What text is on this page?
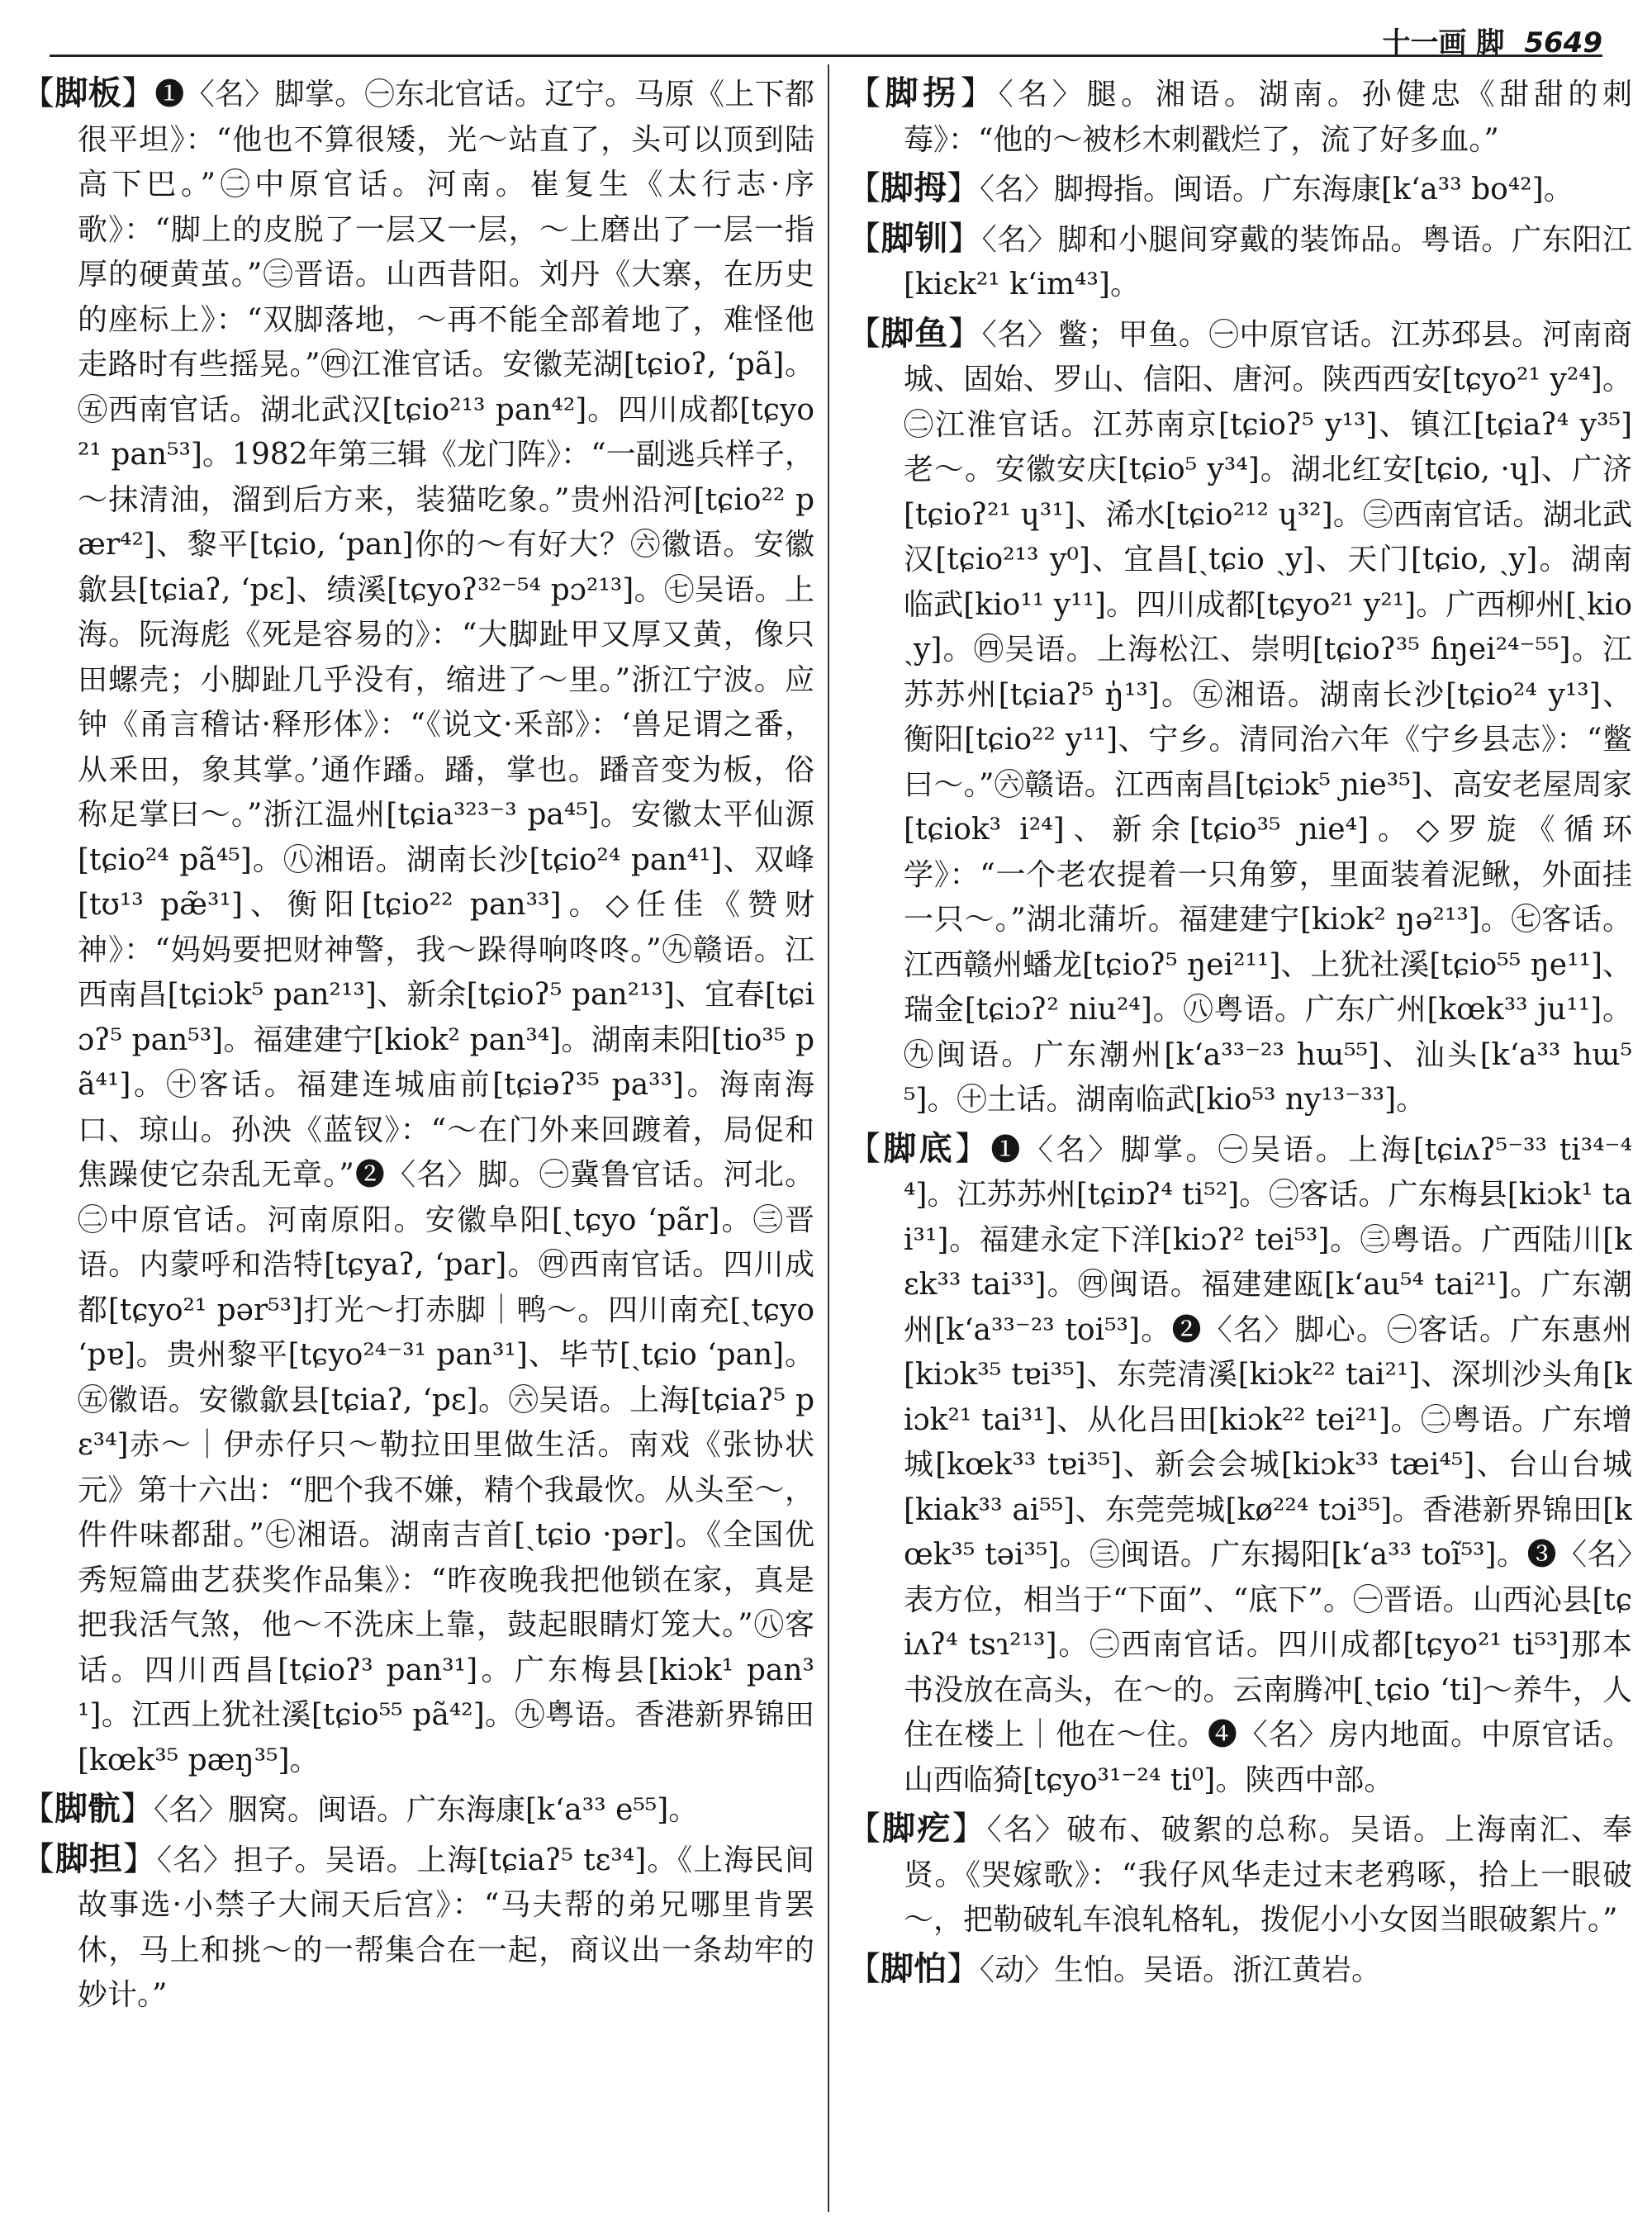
十一画 脚 5649

【脚板】❶〈名〉脚掌。㊀东北官话。辽宁。马原《上下都很平坦》：“他也不算很矮，光～站直了，头可以顶到陆高下巴。”㊁中原官话。河南。崔复生《太行志·序歌》：“脚上的皮脱了一层又一层，～上磨出了一层一指厚的硬黄茧。”㊂晋语。山西昔阳。刘丹《大寨，在历史的座标上》：“双脚落地，～再不能全部着地了，难怪他走路时有些摇晃。”㊃江淮官话。安徽芜湖[tɕioʔ, ʻpã]。㊄西南官话。湖北武汉[tɕio²¹³ pan⁴²]。四川成都[tɕyo²¹ pan⁵³]。1982年第三辑《龙门阵》：“一副逃兵样子，～抹清油，溜到后方来，装猫吃象。”贵州沿河[tɕio²² pær⁴²]、黎平[tɕio, ʻpan]你的～有好大？㊅徽语。安徽歙县[tɕiaʔ, ʻpɛ]、绩溪[tɕyoʔ³²⁻⁵⁴ pɔ²¹³]。㊆吴语。上海。阮海彪《死是容易的》：“大脚趾甲又厚又黄，像只田螺壳；小脚趾几乎没有，缩进了～里。”浙江宁波。应钟《甬言稽诂·释形体》：“《说文·釆部》：‘兽足谓之番，从釆田，象其掌。’通作蹯。蹯，掌也。蹯音变为板，俗称足掌曰～。”浙江温州[tɕia³²³⁻³ pa⁴⁵]。安徽太平仙源[tɕio²⁴ pã⁴⁵]。㊇湘语。湖南长沙[tɕio²⁴ pan⁴¹]、双峰[tʊ¹³ pæ̃³¹]、衡阳[tɕio²² pan³³]。◇任佳《赞财神》：“妈妈要把财神警，我～跺得响咚咚。”㊈赣语。江西南昌[tɕiɔk⁵ pan²¹³]、新余[tɕioʔ⁵ pan²¹³]、宜春[tɕiɔʔ⁵ pan⁵³]。福建建宁[kiok² pan³⁴]。湖南耒阳[tio³⁵ pã⁴¹]。㊉客话。福建连城庙前[tɕiəʔ³⁵ pa³³]。海南海口、琼山。孙泱《蓝钗》：“～在门外来回踱着，局促和焦躁使它杂乱无章。”❷〈名〉脚。㊀冀鲁官话。河北。㊁中原官话。河南原阳。安徽阜阳[ˏtɕyo ʻpãr]。㊂晋语。内蒙呼和浩特[tɕyaʔ, ʻpar]。㊃西南官话。四川成都[tɕyo²¹ pər⁵³]打光～打赤脚｜鸭～。四川南充[ˏtɕyo ʻpɐ]。贵州黎平[tɕyo²⁴⁻³¹ pan³¹]、毕节[ˏtɕio ʻpan]。㊄徽语。安徽歙县[tɕiaʔ, ʻpɛ]。㊅吴语。上海[tɕiaʔ⁵ pɛ³⁴]赤～｜伊赤仔只～勒拉田里做生活。南戏《张协状元》第十六出：“肥个我不嫌，精个我最忺。从头至～，件件味都甜。”㊆湘语。湖南吉首[ˏtɕio ·pər]。《全国优秀短篇曲艺获奖作品集》：“昨夜晚我把他锁在家，真是把我活气煞，他～不洗床上靠，鼓起眼睛灯笼大。”㊇客话。四川西昌[tɕioʔ³ pan³¹]。广东梅县[kiɔk¹ pan³¹]。江西上犹社溪[tɕio⁵⁵ pã⁴²]。㊈粤语。香港新界锦田[kœk³⁵ pæŋ³⁵]。

【脚骯】〈名〉胭窝。闽语。广东海康[k‘a³³ e⁵⁵]。

【脚担】〈名〉担子。吴语。上海[tɕiaʔ⁵ tɛ³⁴]。《上海民间故事选·小禁子大闹天后宫》：“马夫帮的弟兄哪里肯罢休，马上和挑～的一帮集合在一起，商议出一条劫牢的妙计。”

【脚拐】〈名〉腿。湘语。湖南。孙健忠《甜甜的刺莓》：“他的～被杉木刺戳烂了，流了好多血。”

【脚拇】〈名〉脚拇指。闽语。广东海康[k‘a³³ bo⁴²]。

【脚钏】〈名〉脚和小腿间穿戴的装饰品。粤语。广东阳江[kiɛk²¹ k‘im⁴³]。

【脚鱼】〈名〉鳖；甲鱼。㊀中原官话。江苏邳县。河南商城、固始、罗山、信阳、唐河。陕西西安[tɕyo²¹ y²⁴]。㊁江淮官话。江苏南京[tɕioʔ⁵ y¹³]、镇江[tɕiaʔ⁴ y³⁵]老～。安徽安庆[tɕio⁵ y³⁴]。湖北红安[tɕio, ·ɥ]、广济[tɕioʔ²¹ ɥ³¹]、浠水[tɕio²¹² ɥ³²]。㊂西南官话。湖北武汉[tɕio²¹³ y⁰]、宜昌[ˏtɕio ˏy]、天门[tɕio, ˏy]。湖南临武[kio¹¹ y¹¹]。四川成都[tɕyo²¹ y²¹]。广西柳州[ˏkio ˏy]。㊃吴语。上海松江、崇明[tɕioʔ³⁵ ɦŋei²⁴⁻⁵⁵]。江苏苏州[tɕiaʔ⁵ ŋ̍¹³]。㊄湘语。湖南长沙[tɕio²⁴ y¹³]、衡阳[tɕio²² y¹¹]、宁乡。清同治六年《宁乡县志》：“鳖曰～。”㊅赣语。江西南昌[tɕiɔk⁵ ɲie³⁵]、高安老屋周家[tɕiok³ i²⁴]、新余[tɕio³⁵ ɲie⁴]。◇罗旋《循环学》：“一个老农提着一只角箩，里面装着泥鳅，外面挂一只～。”湖北蒲圻。福建建宁[kiɔk² ŋə²¹³]。㊆客话。江西赣州蟠龙[tɕioʔ⁵ ŋei²¹¹]、上犹社溪[tɕio⁵⁵ ŋe¹¹]、瑞金[tɕiɔʔ² niu²⁴]。㊇粤语。广东广州[kœk³³ ju¹¹]。㊈闽语。广东潮州[k‘a³³⁻²³ hɯ⁵⁵]、汕头[k‘a³³ hɯ⁵⁵]。㊉土话。湖南临武[kio⁵³ ny¹³⁻³³]。

【脚底】❶〈名〉脚掌。㊀吴语。上海[tɕiʌʔ⁵⁻³³ ti³⁴⁻⁴⁴]。江苏苏州[tɕiɒʔ⁴ ti⁵²]。㊁客话。广东梅县[kiɔk¹ tai³¹]。福建永定下洋[kiɔʔ² tei⁵³]。㊂粤语。广西陆川[kɛk³³ tai³³]。㊃闽语。福建建瓯[k‘au⁵⁴ tai²¹]。广东潮州[k‘a³³⁻²³ toi⁵³]。❷〈名〉脚心。㊀客话。广东惠州[kiɔk³⁵ tɐi³⁵]、东莞清溪[kiɔk²² tai²¹]、深圳沙头角[kiɔk²¹ tai³¹]、从化吕田[kiɔk²² tei²¹]。㊁粤语。广东增城[kœk³³ tɐi³⁵]、新会会城[kiɔk³³ tæi⁴⁵]、台山台城[kiak³³ ai⁵⁵]、东莞莞城[kø²²⁴ tɔi³⁵]。香港新界锦田[kœk³⁵ təi³⁵]。㊂闽语。广东揭阳[k‘a³³ toĩ⁵³]。❸〈名〉表方位，相当于“下面”、“底下”。㊀晋语。山西沁县[tɕiʌʔ⁴ tsɿ²¹³]。㊁西南官话。四川成都[tɕyo²¹ ti⁵³]那本书没放在高头，在～的。云南腾冲[ˏtɕio ʻti]～养牛，人住在楼上｜他在～住。❹〈名〉房内地面。中原官话。山西临猗[tɕyo³¹⁻²⁴ ti⁰]。陕西中部。

【脚疙】〈名〉破布、破絮的总称。吴语。上海南汇、奉贤。《哭嫁歌》：“我仔风华走过末老鸦啄，拾上一眼破～，把勒破轧车浪轧格轧，拨伲小小女囡当眼破絮片。”

【脚怕】〈动〉生怕。吴语。浙江黄岩。
